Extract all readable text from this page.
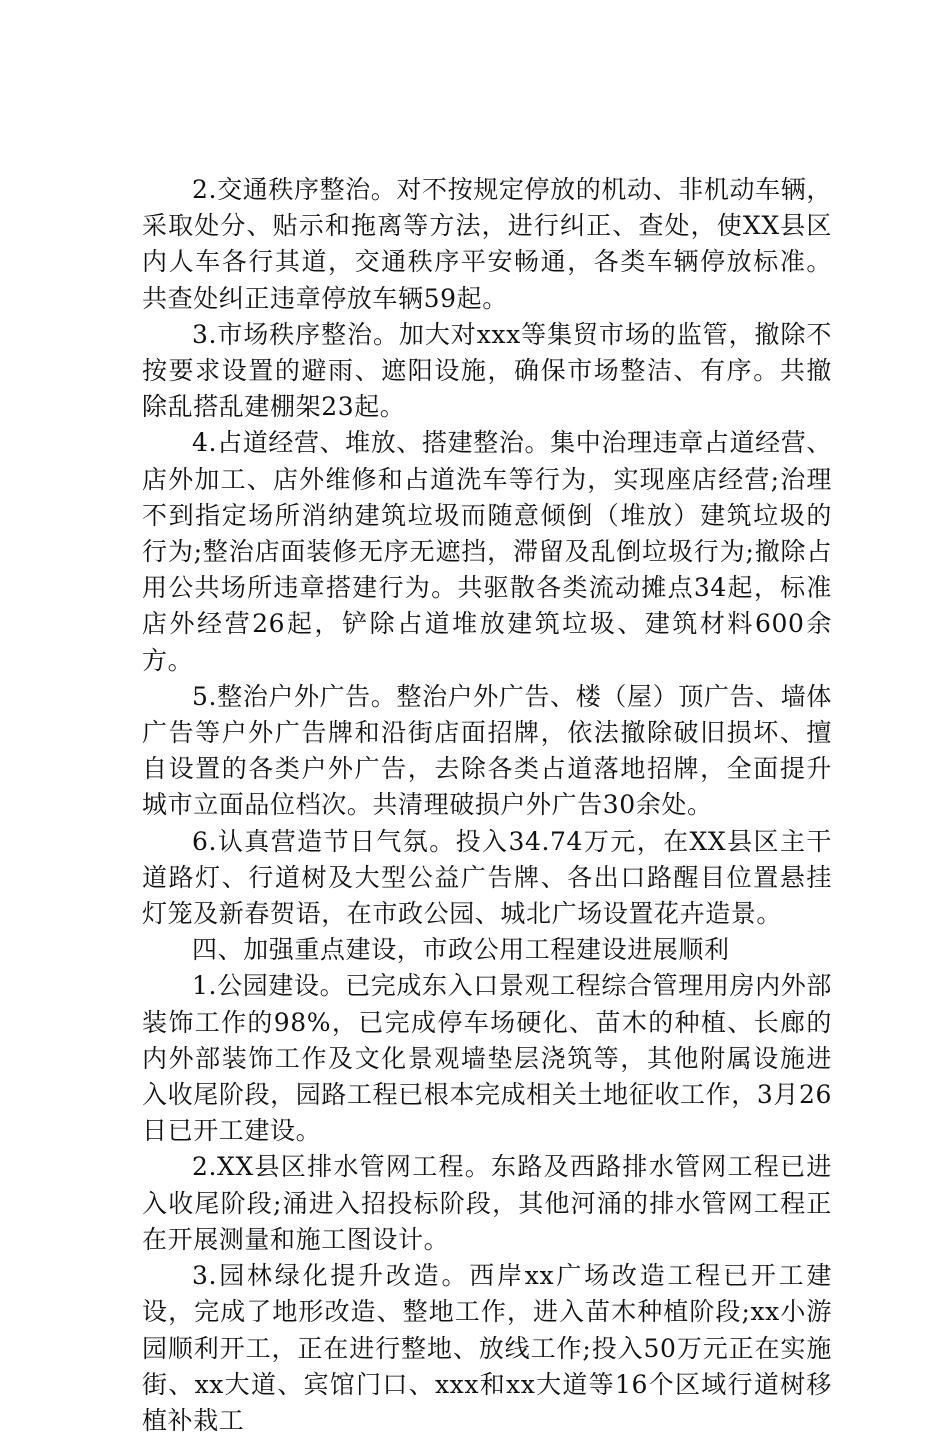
2.交通秩序整治。对不按规定停放的机动、非机动车辆，采取处分、贴示和拖离等方法，进行纠正、查处，使XX县区内人车各行其道，交通秩序平安畅通，各类车辆停放标准。共查处纠正违章停放车辆59起。

3.市场秩序整治。加大对xxx等集贸市场的监管，撤除不按要求设置的避雨、遮阳设施，确保市场整洁、有序。共撤除乱搭乱建棚架23起。

4.占道经营、堆放、搭建整治。集中治理违章占道经营、店外加工、店外维修和占道洗车等行为，实现座店经营;治理不到指定场所消纳建筑垃圾而随意倾倒（堆放）建筑垃圾的行为;整治店面装修无序无遮挡，滞留及乱倒垃圾行为;撤除占用公共场所违章搭建行为。共驱散各类流动摊点34起，标准店外经营26起，铲除占道堆放建筑垃圾、建筑材料600余方。

5.整治户外广告。整治户外广告、楼（屋）顶广告、墙体广告等户外广告牌和沿街店面招牌，依法撤除破旧损坏、擅自设置的各类户外广告，去除各类占道落地招牌，全面提升城市立面品位档次。共清理破损户外广告30余处。

6.认真营造节日气氛。投入34.74万元，在XX县区主干道路灯、行道树及大型公益广告牌、各出口路醒目位置悬挂灯笼及新春贺语，在市政公园、城北广场设置花卉造景。

四、加强重点建设，市政公用工程建设进展顺利

1.公园建设。已完成东入口景观工程综合管理用房内外部装饰工作的98%，已完成停车场硬化、苗木的种植、长廊的内外部装饰工作及文化景观墙垫层浇筑等，其他附属设施进入收尾阶段，园路工程已根本完成相关土地征收工作，3月26日已开工建设。

2.XX县区排水管网工程。东路及西路排水管网工程已进入收尾阶段;涌进入招投标阶段，其他河涌的排水管网工程正在开展测量和施工图设计。

3.园林绿化提升改造。西岸xx广场改造工程已开工建设，完成了地形改造、整地工作，进入苗木种植阶段;xx小游园顺利开工，正在进行整地、放线工作;投入50万元正在实施街、xx大道、宾馆门口、xxx和xx大道等16个区域行道树移植补栽工
